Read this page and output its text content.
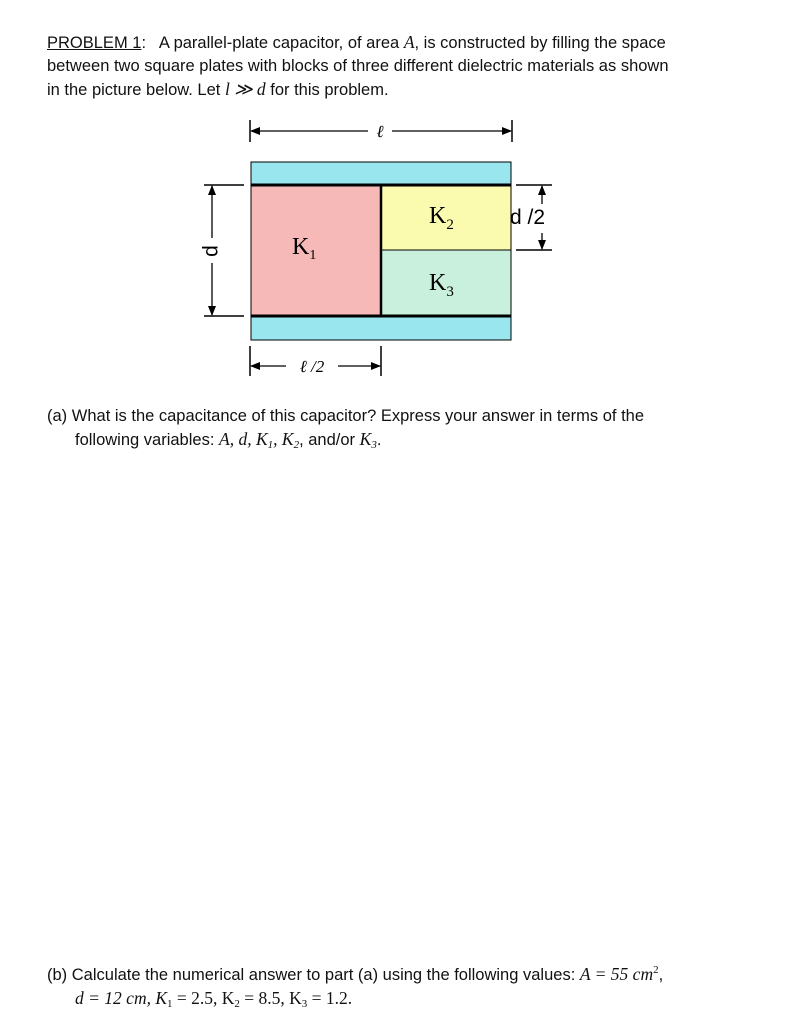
PROBLEM 1: A parallel-plate capacitor, of area A, is constructed by filling the space
between two square plates with blocks of three different dielectric materials as shown
in the picture below. Let l ≫ d for this problem.
ℓ
$K_1$
$K_2$
$K_3$
d
d /2
ℓ /2
(a) What is the capacitance of this capacitor? Express your answer in terms of the
following variables: A, d, $K_1$, $K_2$, and/or $K_3$.
(b) Calculate the numerical answer to part (a) using the following values: A = 55 $cm^2$,
d = 12 cm, $K_1 = 2.5$, $K_2 = 8.5$, $K_3 = 1.2$.
